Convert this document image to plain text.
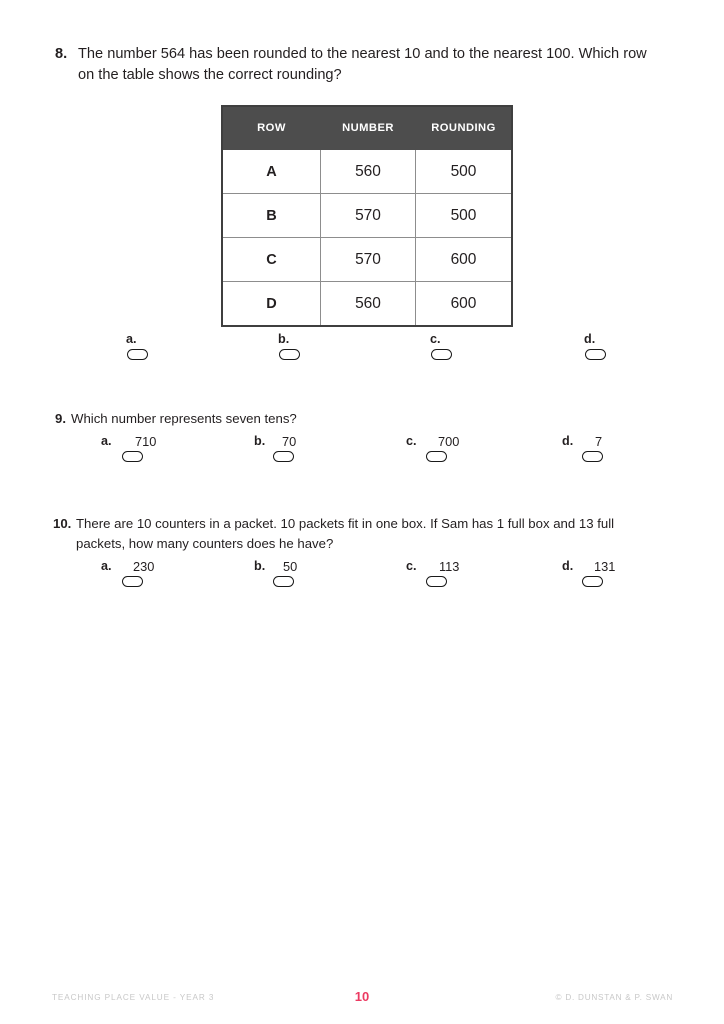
8. The number 564 has been rounded to the nearest 10 and to the nearest 100. Which row on the table shows the correct rounding?
ROW	NUMBER	ROUNDING
A	560	500
B	570	500
C	570	600
D	560	600
a.	b.	c.	d.
9. Which number represents seven tens?
a. 710	b. 70	c. 700	d. 7
10. There are 10 counters in a packet. 10 packets fit in one box. If Sam has 1 full box and 13 full packets, how many counters does he have?
a. 230	b. 50	c. 113	d. 131
TEACHING PLACE VALUE - YEAR 3	10	© D. DUNSTAN & P. SWAN
